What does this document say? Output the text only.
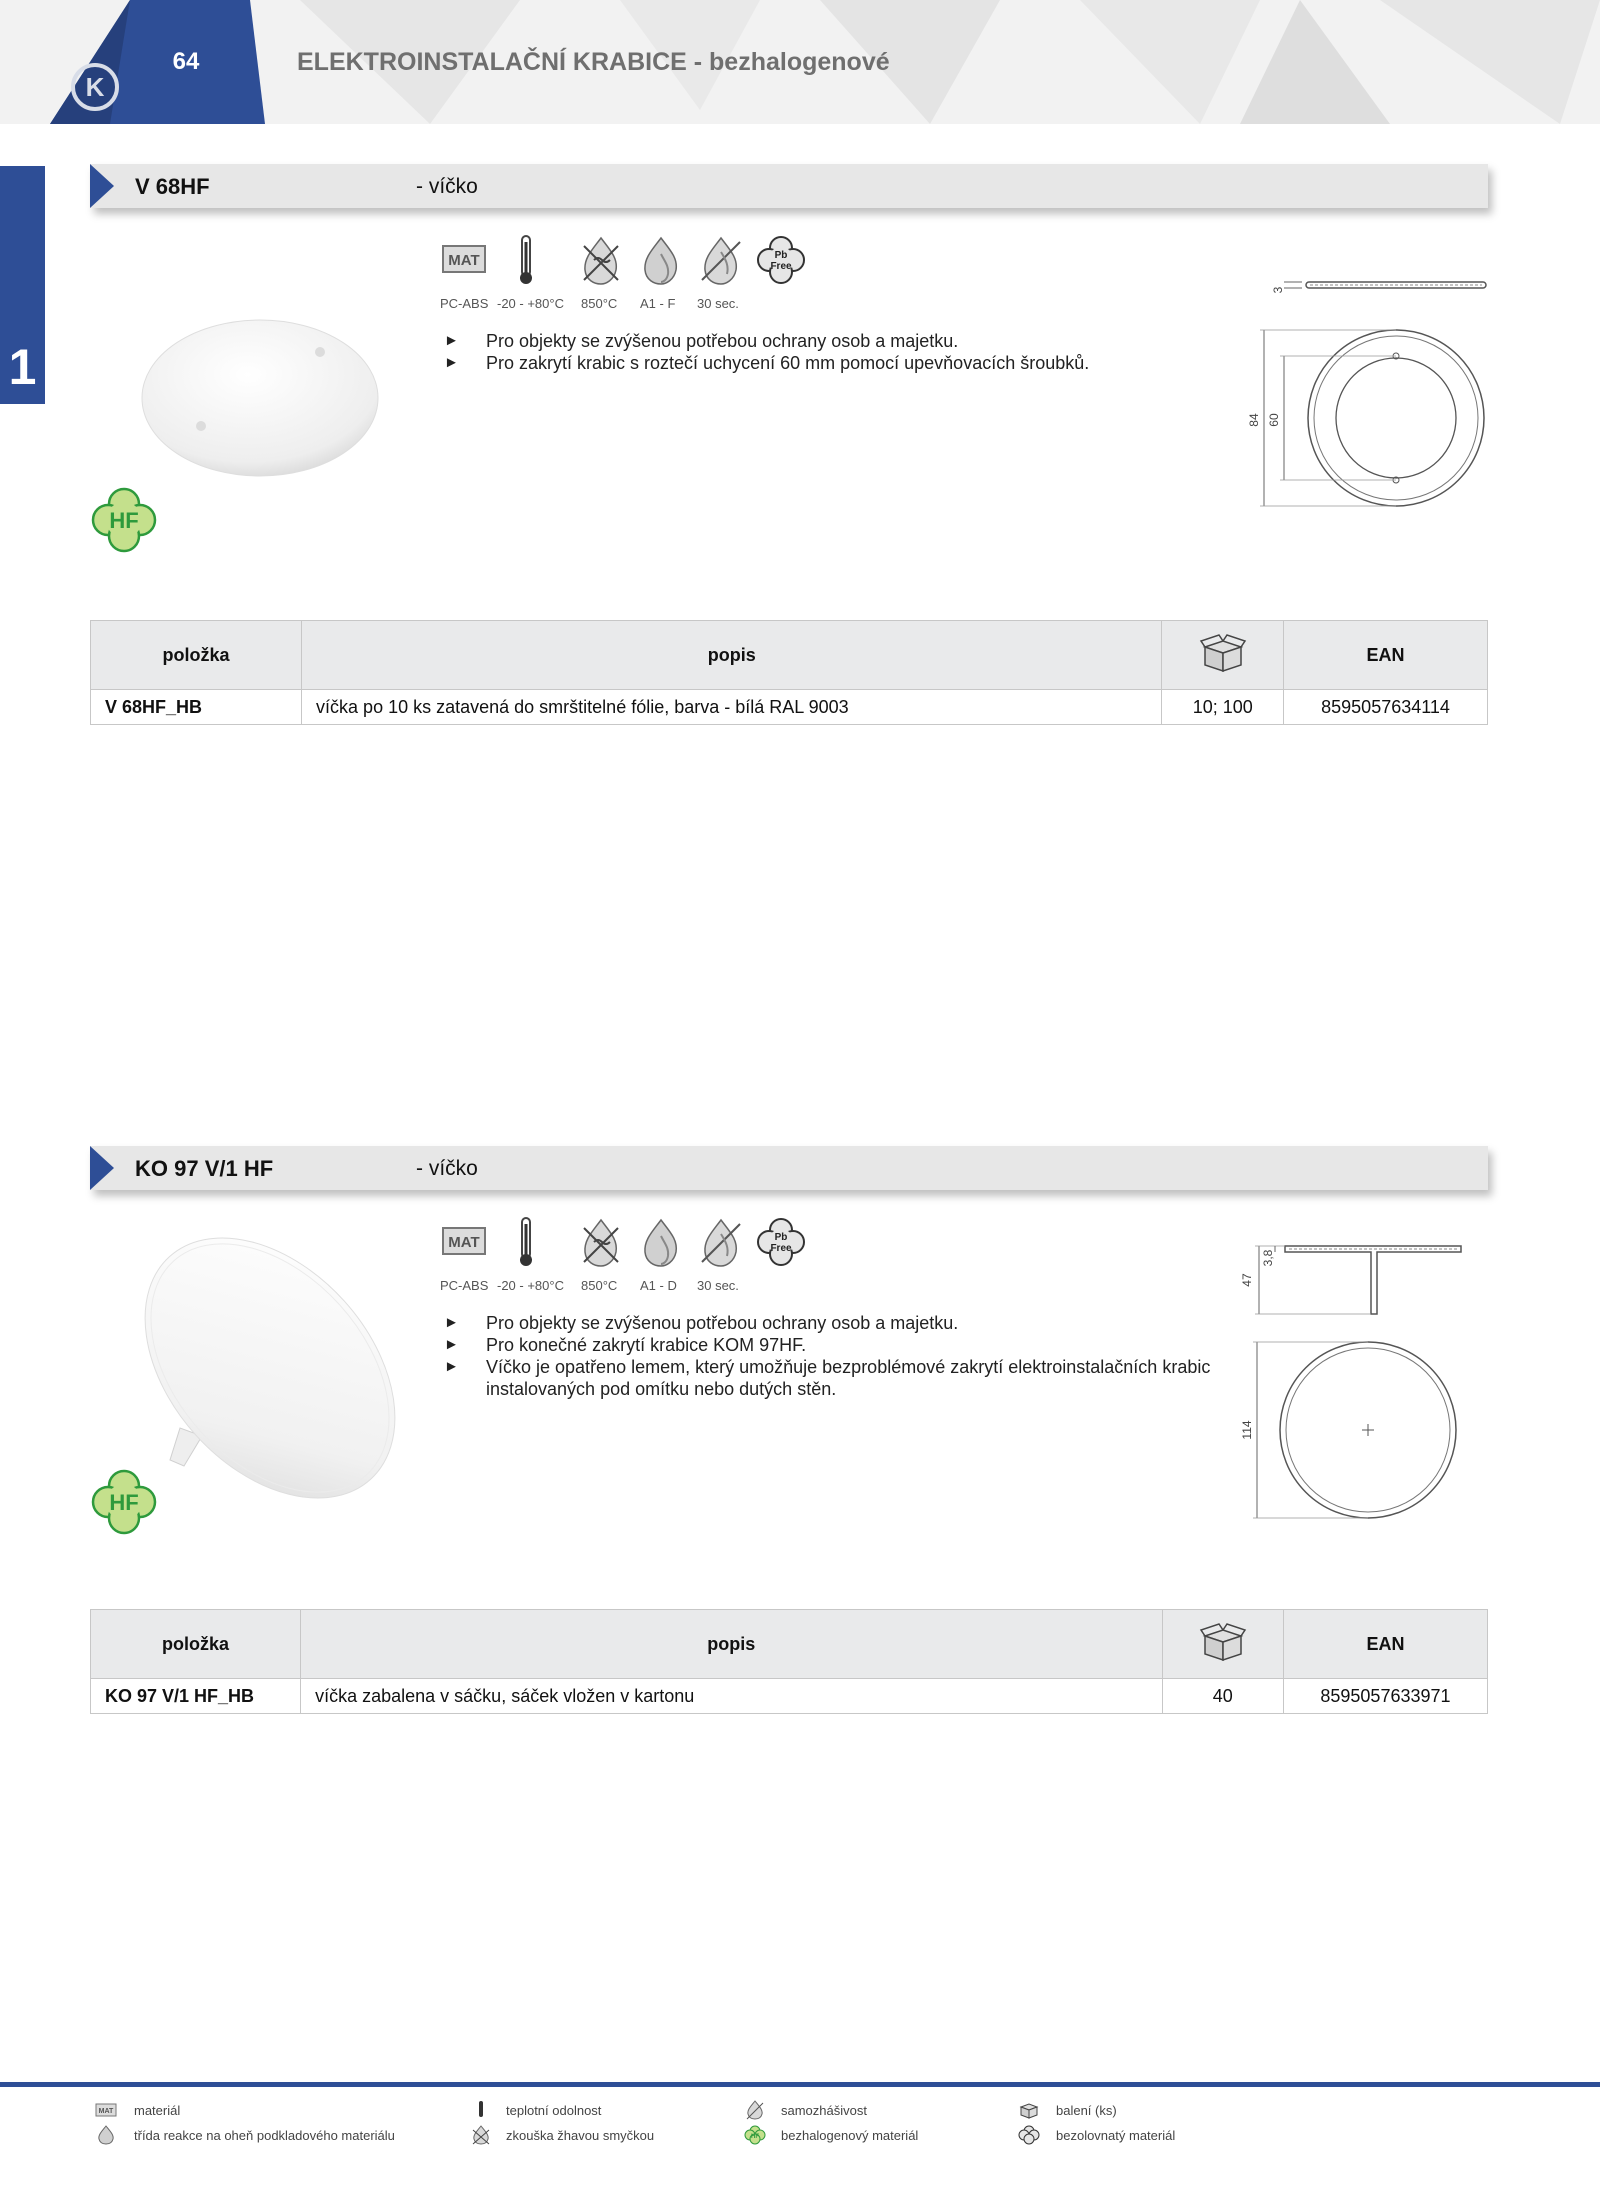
K
64	ELEKTROINSTALAČNÍ KRABICE - bezhalogenové
1
V 68HF	- víčko
HF
MAT	Pb
Free
PC-ABS -20 - +80°C 850°C A1 - F 30 sec.
► Pro objekty se zvýšenou potřebou ochrany osob a majetku.
► Pro zakrytí krabic s roztečí uchycení 60 mm pomocí upevňovacích šroubků.
3
84 60
položka	popis		EAN
V 68HF_HB	víčka po 10 ks zatavená do smrštitelné fólie, barva - bílá RAL 9003	10; 100	8595057634114
KO 97 V/1 HF	- víčko
HF
MAT	Pb
Free
PC-ABS -20 - +80°C 850°C A1 - D 30 sec.
► Pro objekty se zvýšenou potřebou ochrany osob a majetku.
► Pro konečné zakrytí krabice KOM 97HF.
► Víčko je opatřeno lemem, který umožňuje bezproblémové zakrytí elektroinstalačních krabic instalovaných pod omítku nebo dutých stěn.
47
3,8
114
položka	popis		EAN
KO 97 V/1 HF_HB	víčka zabalena v sáčku, sáček vložen v kartonu	40	8595057633971
MAT materiál
třída reakce na oheň podkladového materiálu
teplotní odolnost
zkouška žhavou smyčkou
samozhášivost
HF bezhalogenový materiál
balení (ks)
bezolovnatý materiál
